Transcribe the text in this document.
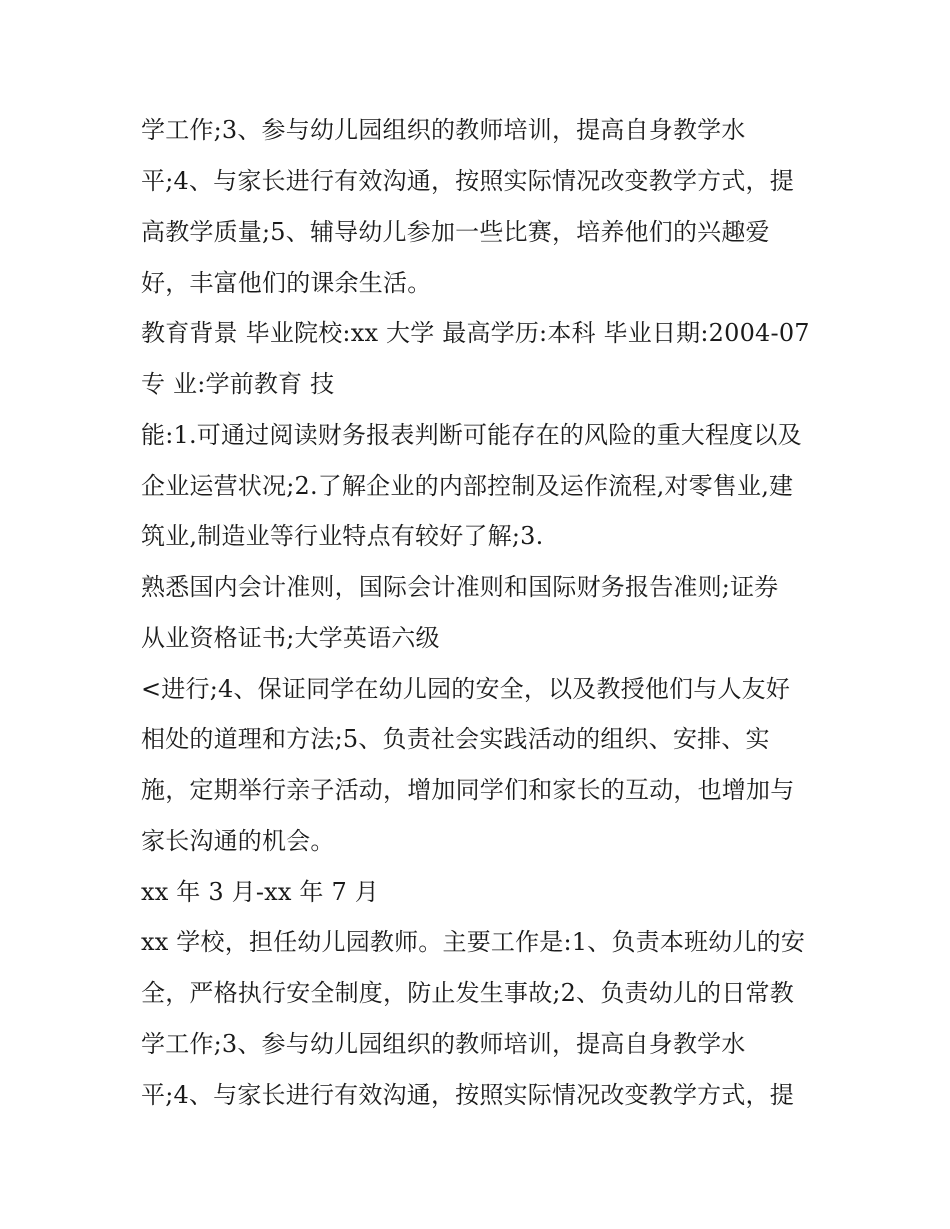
学工作;3、参与幼儿园组织的教师培训，提高自身教学水
平;4、与家长进行有效沟通，按照实际情况改变教学方式，提
高教学质量;5、辅导幼儿参加一些比赛，培养他们的兴趣爱
好，丰富他们的课余生活。
教育背景 毕业院校:xx 大学 最高学历:本科 毕业日期:2004-07
专 业:学前教育 技
能:1.可通过阅读财务报表判断可能存在的风险的重大程度以及
企业运营状况;2.了解企业的内部控制及运作流程,对零售业,建
筑业,制造业等行业特点有较好了解;3.
熟悉国内会计准则，国际会计准则和国际财务报告准则;证券
从业资格证书;大学英语六级
<进行;4、保证同学在幼儿园的安全，以及教授他们与人友好
相处的道理和方法;5、负责社会实践活动的组织、安排、实
施，定期举行亲子活动，增加同学们和家长的互动，也增加与
家长沟通的机会。
xx 年 3 月-xx 年 7 月
xx 学校，担任幼儿园教师。主要工作是:1、负责本班幼儿的安
全，严格执行安全制度，防止发生事故;2、负责幼儿的日常教
学工作;3、参与幼儿园组织的教师培训，提高自身教学水
平;4、与家长进行有效沟通，按照实际情况改变教学方式，提
